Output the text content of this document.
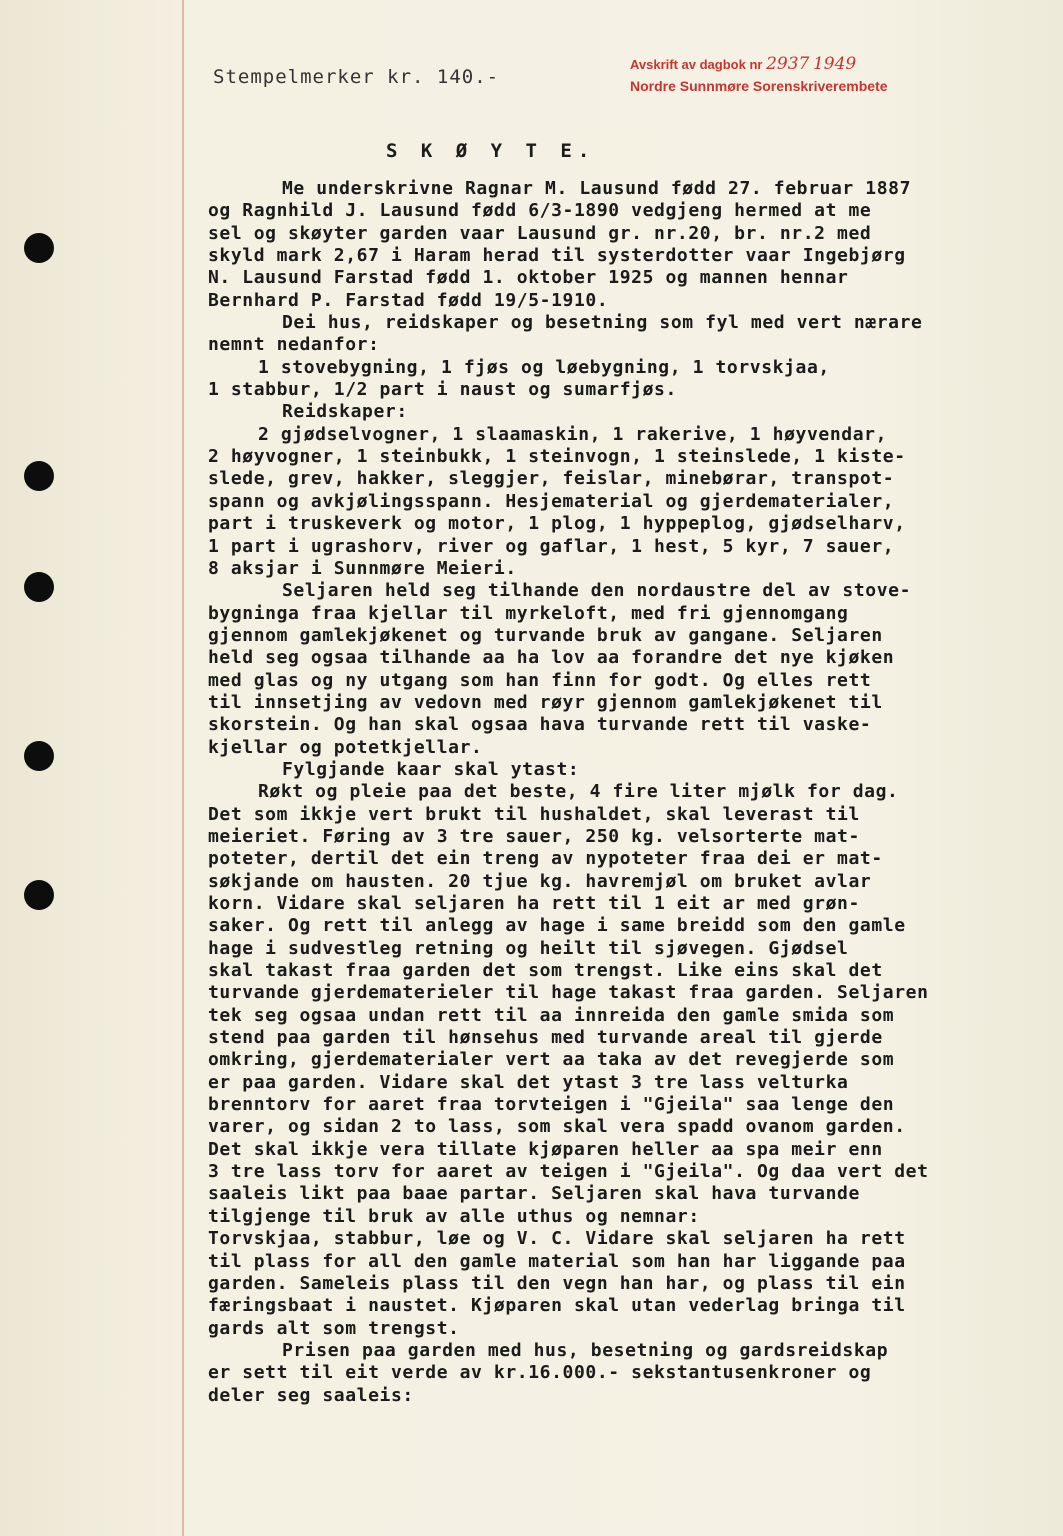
Stempelmerker kr. 140.-
Avskrift av dagbok nr 2937 1949
Nordre Sunnmøre Sorenskriverembete
S K Ø Y T E.
Me underskrivne Ragnar M. Lausund fødd 27. februar 1887
og Ragnhild J. Lausund fødd 6/3-1890 vedgjeng hermed at me
sel og skøyter garden vaar Lausund gr. nr.20, br. nr.2 med
skyld mark 2,67 i Haram herad til systerdotter vaar Ingebjørg
N. Lausund Farstad fødd 1. oktober 1925 og mannen hennar
Bernhard P. Farstad fødd 19/5-1910.
Dei hus, reidskaper og besetning som fyl med vert nærare
nemnt nedanfor:
1 stovebygning, 1 fjøs og løebygning, 1 torvskjaa,
1 stabbur, 1/2 part i naust og sumarfjøs.
Reidskaper:
2 gjødselvogner, 1 slaamaskin, 1 rakerive, 1 høyvendar,
2 høyvogner, 1 steinbukk, 1 steinvogn, 1 steinslede, 1 kiste-
slede, grev, hakker, sleggjer, feislar, minebørar, transpot-
spann og avkjølingsspann. Hesjematerial og gjerdematerialer,
part i truskeverk og motor, 1 plog, 1 hyppeplog, gjødselharv,
1 part i ugrashorv, river og gaflar, 1 hest, 5 kyr, 7 sauer,
8 aksjar i Sunnmøre Meieri.
Seljaren held seg tilhande den nordaustre del av stove-
bygninga fraa kjellar til myrkeloft, med fri gjennomgang
gjennom gamlekjøkenet og turvande bruk av gangane. Seljaren
held seg ogsaa tilhande aa ha lov aa forandre det nye kjøken
med glas og ny utgang som han finn for godt. Og elles rett
til innsetjing av vedovn med røyr gjennom gamlekjøkenet til
skorstein. Og han skal ogsaa hava turvande rett til vaske-
kjellar og potetkjellar.
Fylgjande kaar skal ytast:
Røkt og pleie paa det beste, 4 fire liter mjølk for dag.
Det som ikkje vert brukt til hushaldet, skal leverast til
meieriet. Føring av 3 tre sauer, 250 kg. velsorterte mat-
poteter, dertil det ein treng av nypoteter fraa dei er mat-
søkjande om hausten. 20 tjue kg. havremjøl om bruket avlar
korn. Vidare skal seljaren ha rett til 1 eit ar med grøn-
saker. Og rett til anlegg av hage i same breidd som den gamle
hage i sudvestleg retning og heilt til sjøvegen. Gjødsel
skal takast fraa garden det som trengst. Like eins skal det
turvande gjerdematerieler til hage takast fraa garden. Seljaren
tek seg ogsaa undan rett til aa innreida den gamle smida som
stend paa garden til hønsehus med turvande areal til gjerde
omkring, gjerdematerialer vert aa taka av det revegjerde som
er paa garden. Vidare skal det ytast 3 tre lass velturka
brenntorv for aaret fraa torvteigen i "Gjeila" saa lenge den
varer, og sidan 2 to lass, som skal vera spadd ovanom garden.
Det skal ikkje vera tillate kjøparen heller aa spa meir enn
3 tre lass torv for aaret av teigen i "Gjeila". Og daa vert det
saaleis likt paa baae partar. Seljaren skal hava turvande
tilgjenge til bruk av alle uthus og nemnar:
Torvskjaa, stabbur, løe og V. C. Vidare skal seljaren ha rett
til plass for all den gamle material som han har liggande paa
garden. Sameleis plass til den vegn han har, og plass til ein
færingsbaat i naustet. Kjøparen skal utan vederlag bringa til
gards alt som trengst.
Prisen paa garden med hus, besetning og gardsreidskap
er sett til eit verde av kr.16.000.- sekstantusenkroner og
deler seg saaleis:
